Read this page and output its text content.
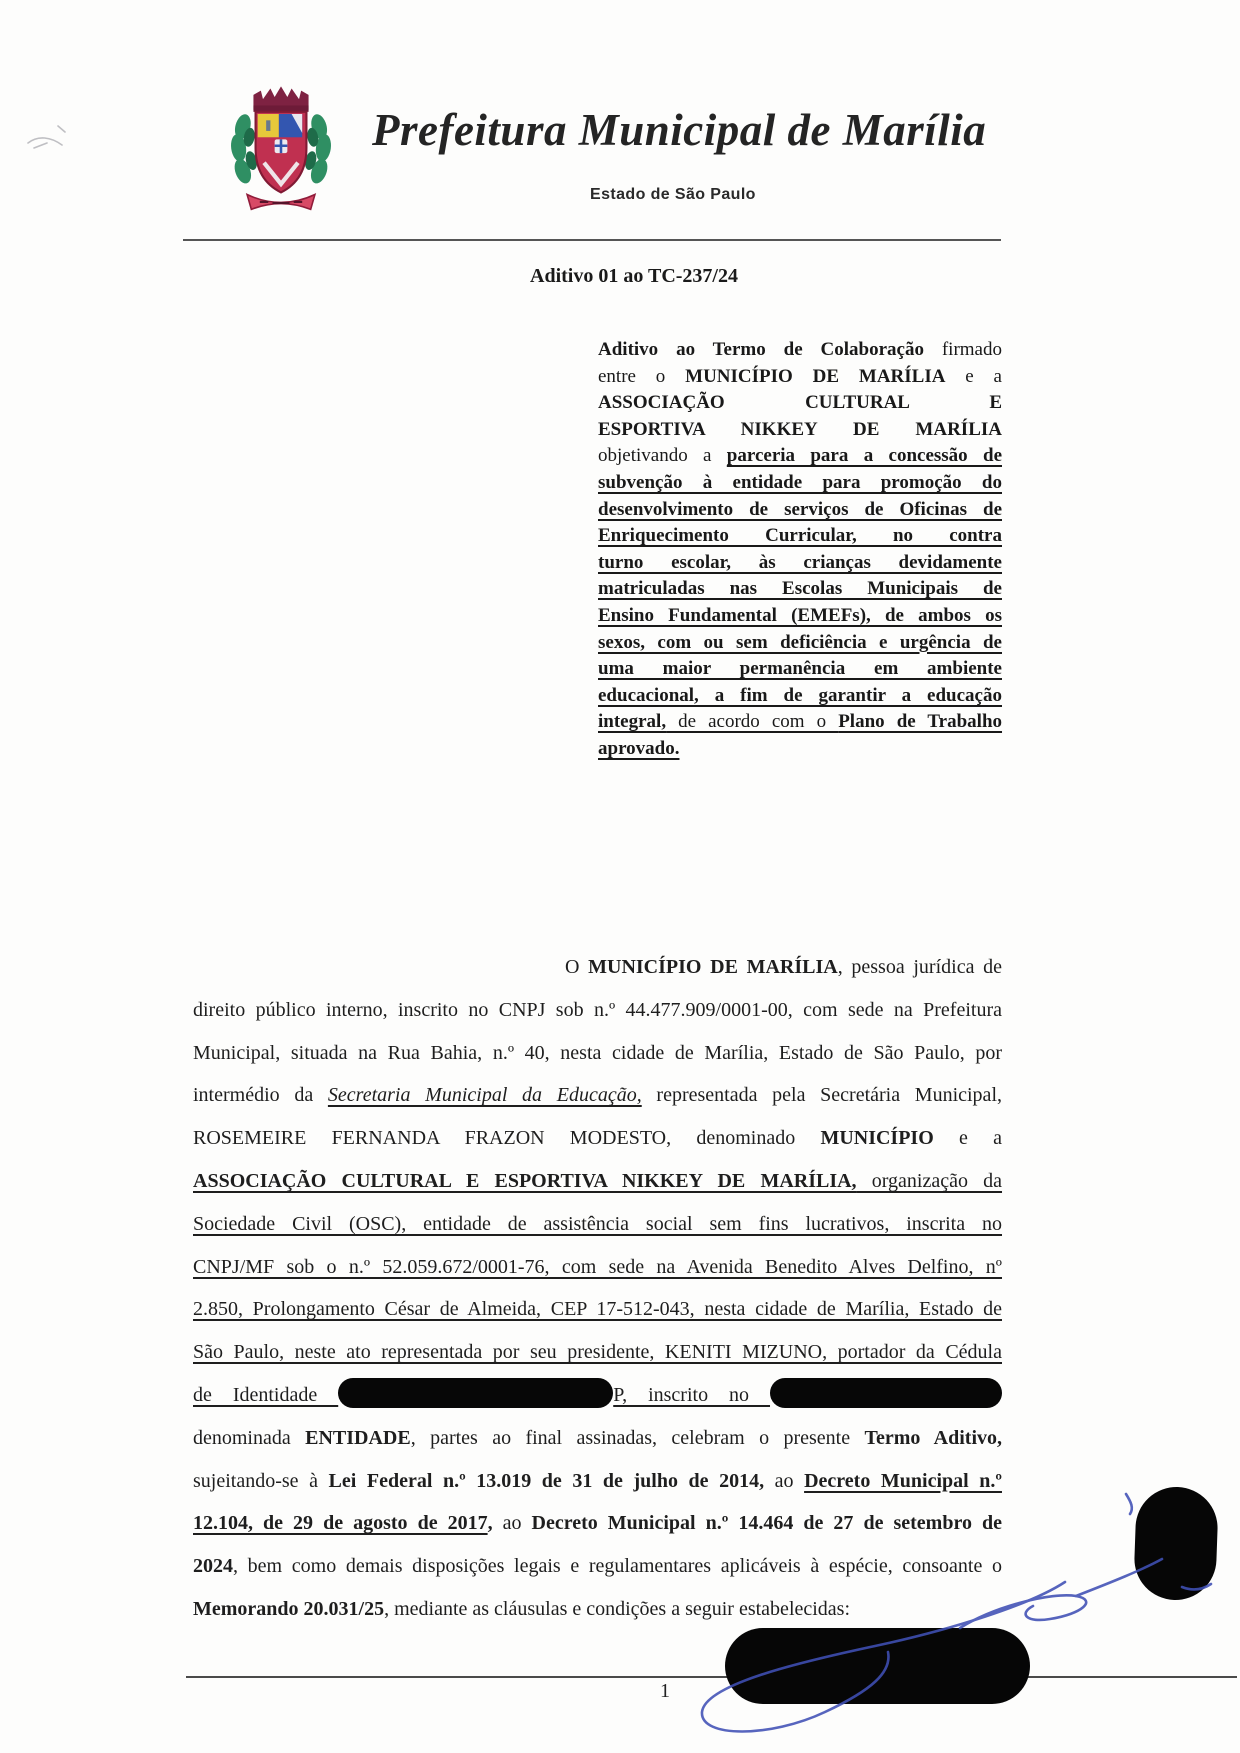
Prefeitura Municipal de Marília
Estado de São Paulo
Aditivo 01 ao TC-237/24
Aditivo ao Termo de Colaboração firmado
entre o MUNICÍPIO DE MARÍLIA e a
ASSOCIAÇÃO CULTURAL E
ESPORTIVA NIKKEY DE MARÍLIA
objetivando a parceria para a concessão de
subvenção à entidade para promoção do
desenvolvimento de serviços de Oficinas de
Enriquecimento Curricular, no contra
turno escolar, às crianças devidamente
matriculadas nas Escolas Municipais de
Ensino Fundamental (EMEFs), de ambos os
sexos, com ou sem deficiência e urgência de
uma maior permanência em ambiente
educacional, a fim de garantir a educação
integral, de acordo com o Plano de Trabalho
aprovado.
O MUNICÍPIO DE MARÍLIA, pessoa jurídica de
direito público interno, inscrito no CNPJ sob n.º 44.477.909/0001-00, com sede na Prefeitura
Municipal, situada na Rua Bahia, n.º 40, nesta cidade de Marília, Estado de São Paulo, por
intermédio da Secretaria Municipal da Educação, representada pela Secretária Municipal,
ROSEMEIRE FERNANDA FRAZON MODESTO, denominado MUNICÍPIO e a
ASSOCIAÇÃO CULTURAL E ESPORTIVA NIKKEY DE MARÍLIA, organização da
Sociedade Civil (OSC), entidade de assistência social sem fins lucrativos, inscrita no
CNPJ/MF sob o n.º 52.059.672/0001-76, com sede na Avenida Benedito Alves Delfino, nº
2.850, Prolongamento César de Almeida, CEP 17-512-043, nesta cidade de Marília, Estado de
São Paulo, neste ato representada por seu presidente, KENITI MIZUNO, portador da Cédula
de Identidade	P, inscrito no
denominada ENTIDADE, partes ao final assinadas, celebram o presente Termo Aditivo,
sujeitando-se à Lei Federal n.º 13.019 de 31 de julho de 2014, ao Decreto Municipal n.º
12.104, de 29 de agosto de 2017, ao Decreto Municipal n.º 14.464 de 27 de setembro de
2024, bem como demais disposições legais e regulamentares aplicáveis à espécie, consoante o
Memorando 20.031/25, mediante as cláusulas e condições a seguir estabelecidas:
1
